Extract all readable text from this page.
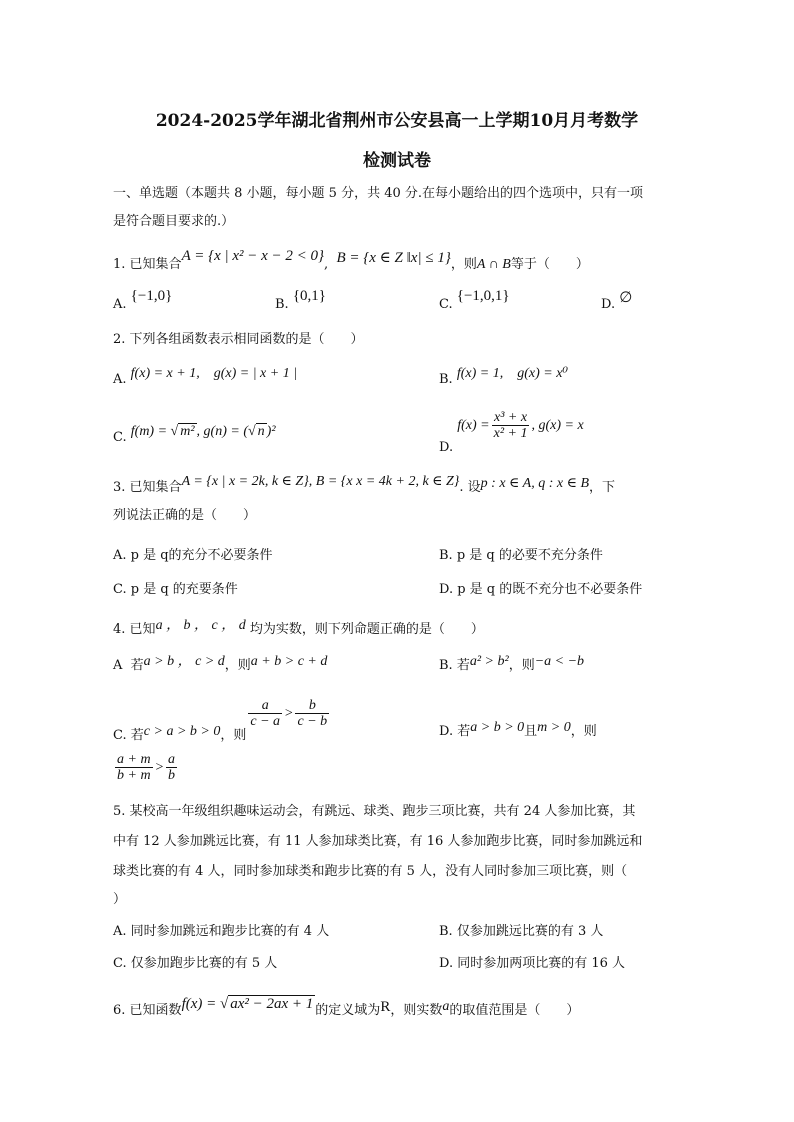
2024-2025学年湖北省荆州市公安县高一上学期10月月考数学
检测试卷
一、单选题（本题共 8 小题，每小题 5 分，共 40 分.在每小题给出的四个选项中，只有一项
是符合题目要求的.）
1. 已知集合A = {x | x² − x − 2 < 0}, B = {x ∈ Z ‖x| ≤ 1}，则A ∩ B等于（　　）
A. {−1,0}
B. {0,1}
C. {−1,0,1}
D. ∅
2. 下列各组函数表示相同函数的是（　　）
A. f(x) = x + 1,　g(x) = | x + 1 |	B. f(x) = 1,　g(x) = x⁰
C. f(m) = √ m² , g(n) = (√ n )²
D. $f(x) = \frac{\text{x³ + x}}{\text{x² + 1}}$ , g(x) = x
3. 已知集合A = {x | x = 2k, k ∈ Z}, B = {x x = 4k + 2, k ∈ Z}. 设p : x ∈ A, q : x ∈ B，下
列说法正确的是（　　）
A. p 是 q的充分不必要条件	B. p 是 q 的必要不充分条件
C. p 是 q 的充要条件	D. p 是 q 的既不充分也不必要条件
4. 已知a ， b ， c ， d 均为实数，则下列命题正确的是（　　）
A 若a > b ， c > d，则a + b > c + d	B. 若a² > b²，则−a < −b
C. 若c > a > b > 0，则
$\frac{a}{c - a} > \frac{b}{c - b}$
D. 若a > b > 0且m > 0，则
$\frac{a + m}{b + m} > \frac{a}{b}$
5. 某校高一年级组织趣味运动会，有跳远、球类、跑步三项比赛，共有 24 人参加比赛，其
中有 12 人参加跳远比赛，有 11 人参加球类比赛，有 16 人参加跑步比赛，同时参加跳远和
球类比赛的有 4 人，同时参加球类和跑步比赛的有 5 人，没有人同时参加三项比赛，则（
）
A. 同时参加跳远和跑步比赛的有 4 人	B. 仅参加跳远比赛的有 3 人
C. 仅参加跑步比赛的有 5 人	D. 同时参加两项比赛的有 16 人
6. 已知函数f(x) = √ ax² − 2ax + 1 的定义域为R，则实数a的取值范围是（　　）
